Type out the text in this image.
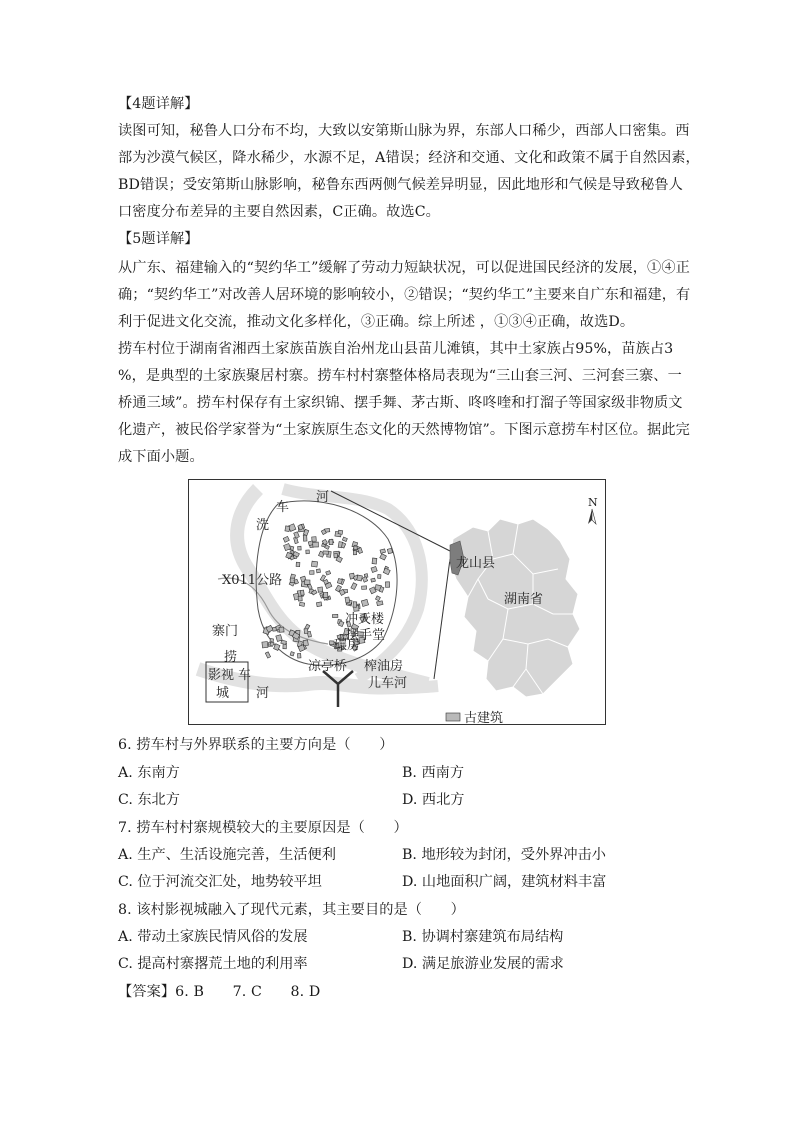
【4题详解】
读图可知，秘鲁人口分布不均，大致以安第斯山脉为界，东部人口稀少，西部人口密集。西
部为沙漠气候区，降水稀少，水源不足，A错误；经济和交通、文化和政策不属于自然因素，
BD错误；受安第斯山脉影响，秘鲁东西两侧气候差异明显，因此地形和气候是导致秘鲁人
口密度分布差异的主要自然因素，C正确。故选C。
【5题详解】
从广东、福建输入的“契约华工”缓解了劳动力短缺状况，可以促进国民经济的发展，①④正
确；“契约华工”对改善人居环境的影响较小，②错误；“契约华工”主要来自广东和福建，有
利于促进文化交流，推动文化多样化，③正确。综上所述 ，①③④正确，故选D。
捞车村位于湖南省湘西土家族苗族自治州龙山县苗儿滩镇，其中土家族占95%，苗族占3
%，是典型的土家族聚居村寨。捞车村村寨整体格局表现为“三山套三河、三河套三寨、一
桥通三域”。捞车村保存有土家织锦、摆手舞、茅古斯、咚咚喹和打溜子等国家级非物质文
化遗产，被民俗学家誉为“土家族原生态文化的天然博物馆”。下图示意捞车村区位。据此完
成下面小题。
N
古建筑
洗
车
河
X011公路
寨门
捞
车
河
影视
城
冲天楼
摆手堂
碾房
榨油房
凉亭桥
儿车河
龙山县
湖南省
6. 捞车村与外界联系的主要方向是（　　）
A. 东南方	B. 西南方
C. 东北方	D. 西北方
7. 捞车村村寨规模较大的主要原因是（　　）
A. 生产、生活设施完善，生活便利	B. 地形较为封闭，受外界冲击小
C. 位于河流交汇处，地势较平坦	D. 山地面积广阔，建筑材料丰富
8. 该村影视城融入了现代元素，其主要目的是（　　）
A. 带动土家族民情风俗的发展	B. 协调村寨建筑布局结构
C. 提高村寨撂荒土地的利用率	D. 满足旅游业发展的需求
【答案】6. B　　7. C　　8. D
